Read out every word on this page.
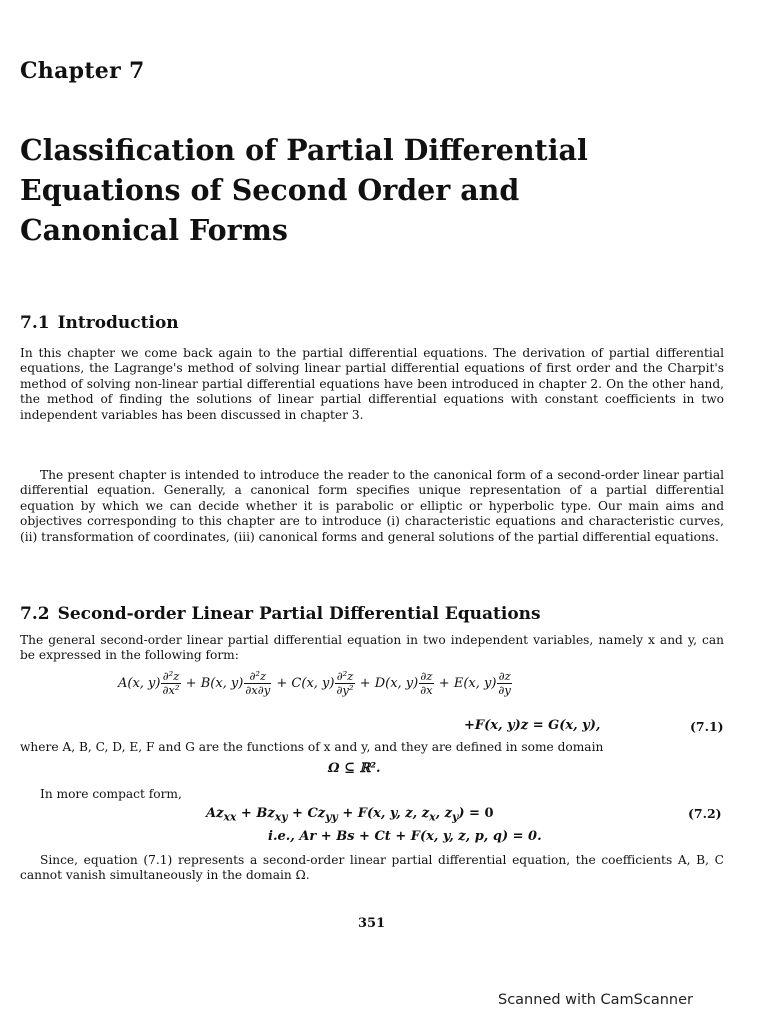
Chapter 7
Classification of Partial Differential Equations of Second Order and Canonical Forms
7.1 Introduction
In this chapter we come back again to the partial differential equations. The derivation of partial differential equations, the Lagrange's method of solving linear partial differential equations of first order and the Charpit's method of solving non-linear partial differential equations have been introduced in chapter 2. On the other hand, the method of finding the solutions of linear partial differential equations with constant coefficients in two independent variables has been discussed in chapter 3.
The present chapter is intended to introduce the reader to the canonical form of a second-order linear partial differential equation. Generally, a canonical form specifies unique representation of a partial differential equation by which we can decide whether it is parabolic or elliptic or hyperbolic type. Our main aims and objectives corresponding to this chapter are to introduce (i) characteristic equations and characteristic curves, (ii) transformation of coordinates, (iii) canonical forms and general solutions of the partial differential equations.
7.2 Second-order Linear Partial Differential Equations
The general second-order linear partial differential equation in two independent variables, namely x and y, can be expressed in the following form:
A(x, $y) \frac{\text{∂²z}}{\text{∂x²}} + B(x$, $y) \frac{\text{∂²z}}{\partial x\partial y} + C(x$, $y) \frac{\text{∂²z}}{\text{∂y²}} + D(x$, $y) \frac{\partial z}{\partial x} + E(x$, $y) \frac{\partial z}{\partial y}$
+F(x, y)z = G(x, y),	(7.1)
where A, B, C, D, E, F and G are the functions of x and y, and they are defined in some domain
Ω ⊆ ℝ².
In more compact form,
$Az_{xx} + Bz_{xy} + Cz_{yy} + F(x$, y, z, $z_x$, $z_y) = 0$	(7.2)
i.e., Ar + Bs + Ct + F(x, y, z, p, q) = 0.
Since, equation (7.1) represents a second-order linear partial differential equation, the coefficients A, B, C cannot vanish simultaneously in the domain Ω.
351
Scanned with CamScanner
